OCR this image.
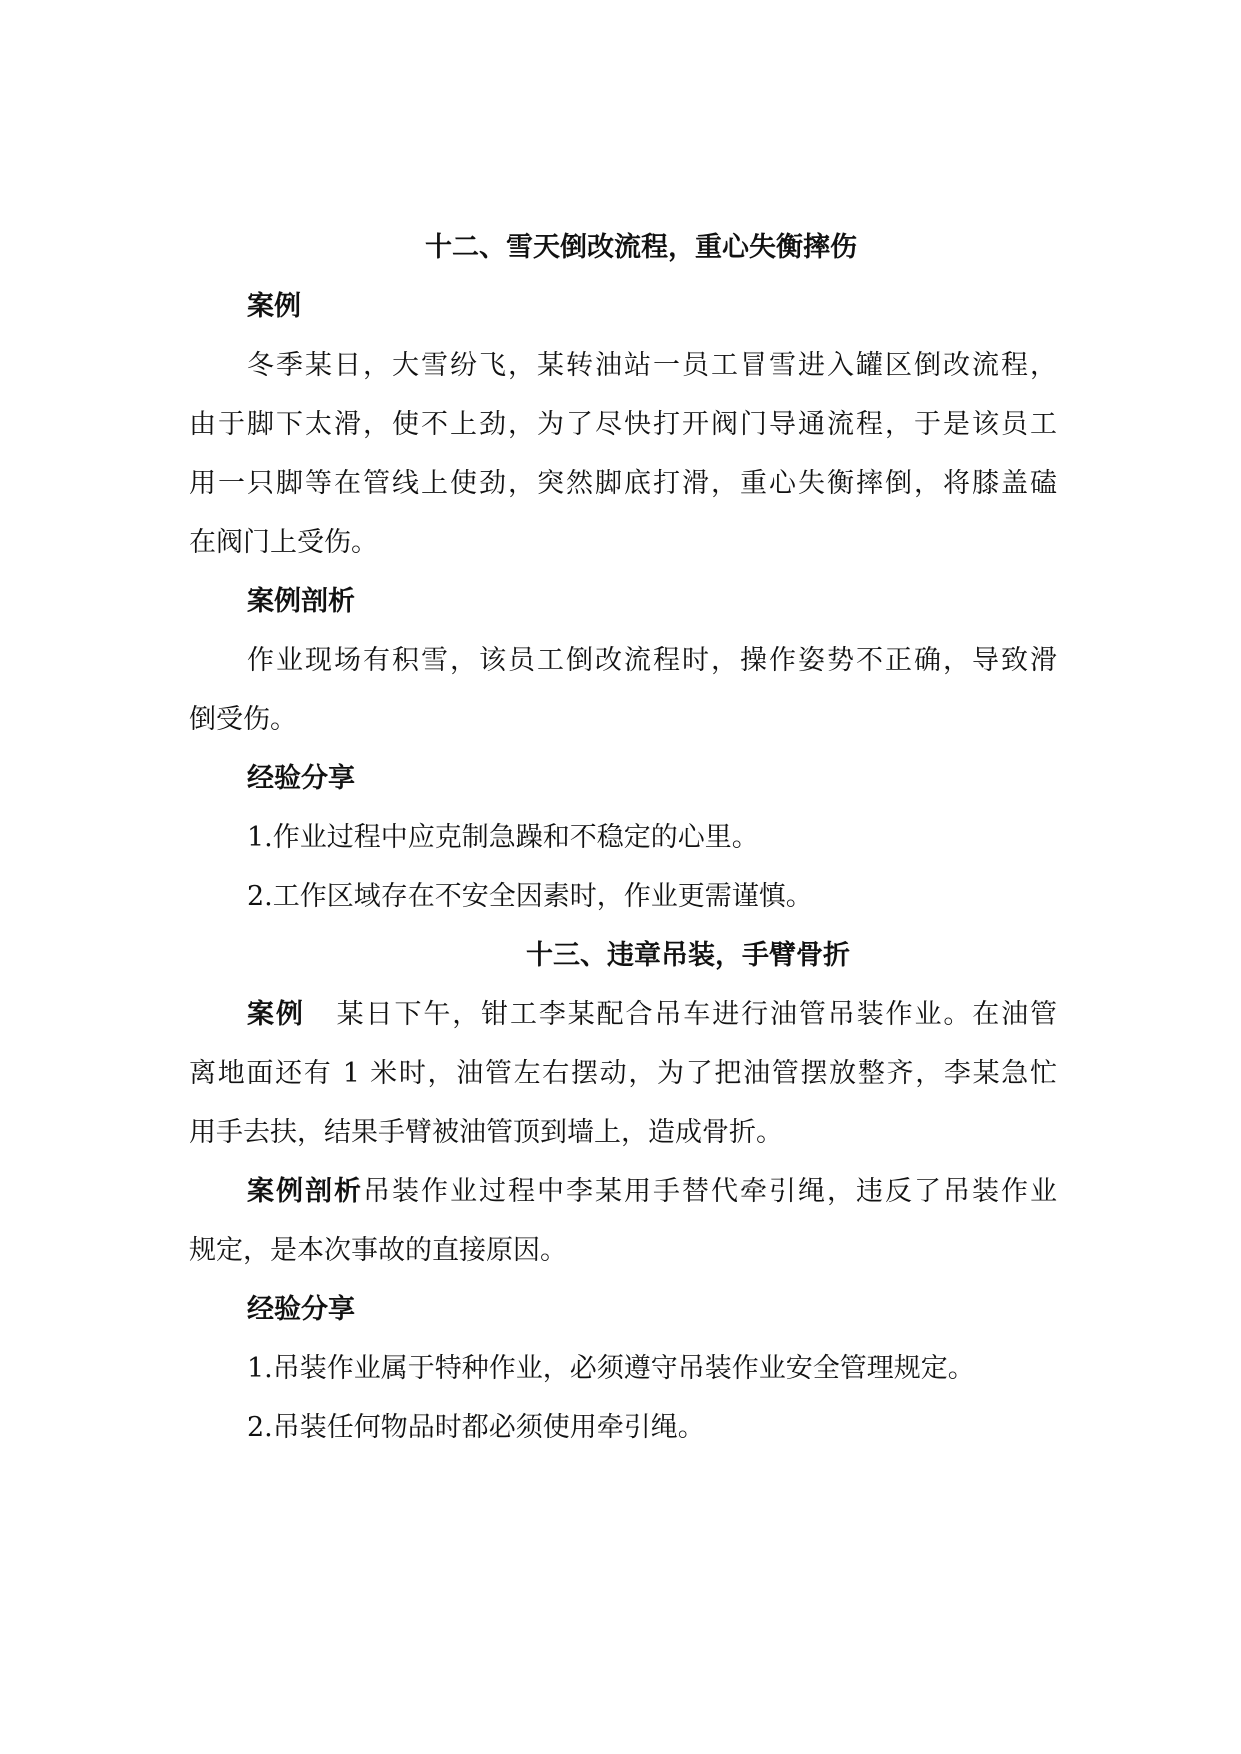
十二、雪天倒改流程，重心失衡摔伤
案例
冬季某日，大雪纷飞，某转油站一员工冒雪进入罐区倒改流程，
由于脚下太滑，使不上劲，为了尽快打开阀门导通流程，于是该员工
用一只脚等在管线上使劲，突然脚底打滑，重心失衡摔倒，将膝盖磕
在阀门上受伤。
案例剖析
作业现场有积雪，该员工倒改流程时，操作姿势不正确，导致滑
倒受伤。
经验分享
1.作业过程中应克制急躁和不稳定的心里。
2.工作区域存在不安全因素时，作业更需谨慎。
十三、违章吊装，手臂骨折
案例 某日下午，钳工李某配合吊车进行油管吊装作业。在油管
离地面还有 1 米时，油管左右摆动，为了把油管摆放整齐，李某急忙
用手去扶，结果手臂被油管顶到墙上，造成骨折。
案例剖析吊装作业过程中李某用手替代牵引绳，违反了吊装作业
规定，是本次事故的直接原因。
经验分享
1.吊装作业属于特种作业，必须遵守吊装作业安全管理规定。
2.吊装任何物品时都必须使用牵引绳。
